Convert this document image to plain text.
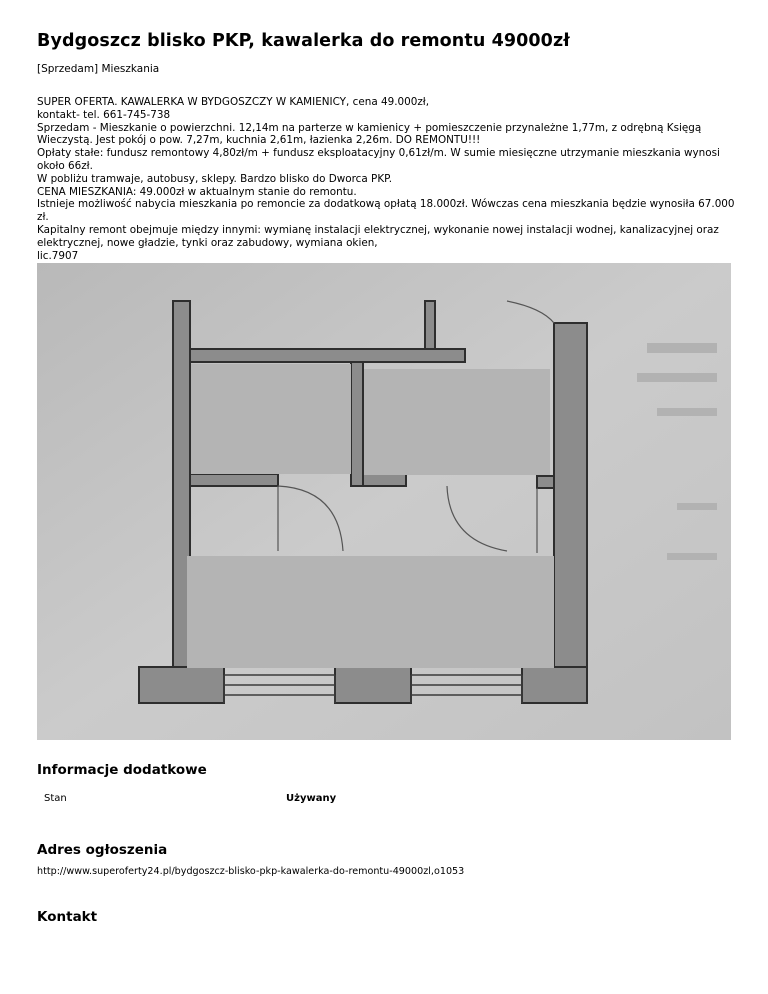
Bydgoszcz blisko PKP, kawalerka do remontu 49000zł
[Sprzedam] Mieszkania
SUPER OFERTA. KAWALERKA W BYDGOSZCZY W KAMIENICY, cena 49.000zł,
kontakt- tel. 661-745-738
Sprzedam - Mieszkanie o powierzchni. 12,14m na parterze w kamienicy + pomieszczenie przynależne 1,77m, z odrębną Księgą Wieczystą. Jest pokój o pow. 7,27m, kuchnia 2,61m, łazienka 2,26m. DO REMONTU!!!
Opłaty stałe: fundusz remontowy 4,80zł/m + fundusz eksploatacyjny 0,61zł/m. W sumie miesięczne utrzymanie mieszkania wynosi około 66zł.
W pobliżu tramwaje, autobusy, sklepy. Bardzo blisko do Dworca PKP.
CENA MIESZKANIA: 49.000zł w aktualnym stanie do remontu.
Istnieje możliwość nabycia mieszkania po remoncie za dodatkową opłatą 18.000zł. Wówczas cena mieszkania będzie wynosiła 67.000 zł.
Kapitalny remont obejmuje między innymi: wymianę instalacji elektrycznej, wykonanie nowej instalacji wodnej, kanalizacyjnej oraz elektrycznej, nowe gładzie, tynki oraz zabudowy, wymiana okien,
lic.7907
Informacje dodatkowe
Stan	Używany
Adres ogłoszenia
http://www.superoferty24.pl/bydgoszcz-blisko-pkp-kawalerka-do-remontu-49000zl,o1053
Kontakt
